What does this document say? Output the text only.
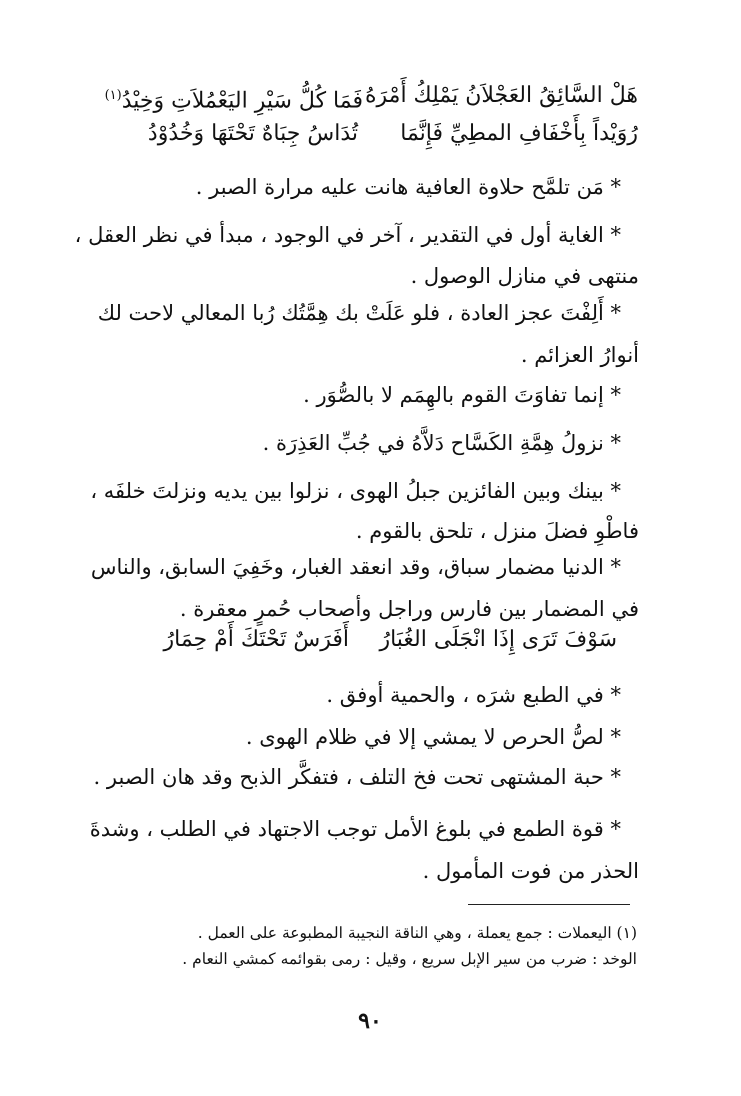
هَلْ السَّائِقُ العَجْلاَنُ يَمْلِكُ أَمْرَهُ
فَمَا كُلُّ سَيْرِ اليَعْمُلاَتِ وَخِيْدُ$^{(١)}$
رُوَيْداً بِأَخْفَافِ المطِيِّ فَإِنَّمَا
تُدَاسُ جِبَاهٌ تَحْتَهَا وَخُدُوْدُ
* مَن تلمَّح حلاوة العافية هانت عليه مرارة الصبر .
* الغاية أول في التقدير ، آخر في الوجود ، مبدأ في نظر العقل ،
منتهى في منازل الوصول .
* أَلِفْتَ عجز العادة ، فلو عَلَتْ بك هِمَّتُك رُبا المعالي لاحت لك
أنوارُ العزائم .
* إنما تفاوَتَ القوم بالهِمَم لا بالصُّوَر .
* نزولُ هِمَّةِ الكَسَّاح دَلاَّهُ في جُبِّ العَذِرَة .
* بينك وبين الفائزين جبلُ الهوى ، نزلوا بين يديه ونزلتَ خلفَه ،
فاطْوِ فضلَ منزل ، تلحق بالقوم .
* الدنيا مضمار سباق، وقد انعقد الغبار، وخَفِيَ السابق، والناس
في المضمار بين فارس وراجل وأصحاب حُمرٍ معقرة .
سَوْفَ تَرَى إِذَا انْجَلَى الغُبَارُ
أَفَرَسٌ تَحْتَكَ أَمْ حِمَارُ
* في الطبع شرَه ، والحمية أوفق .
* لصُّ الحرص لا يمشي إلا في ظلام الهوى .
* حبة المشتهى تحت فخ التلف ، فتفكَّر الذبح وقد هان الصبر .
* قوة الطمع في بلوغ الأمل توجب الاجتهاد في الطلب ، وشدةَ
الحذر من فوت المأمول .
(١) اليعملات : جمع يعملة ، وهي الناقة النجيبة المطبوعة على العمل .
الوخد : ضرب من سير الإبل سريع ، وقيل : رمى بقوائمه كمشي النعام .
٩٠
